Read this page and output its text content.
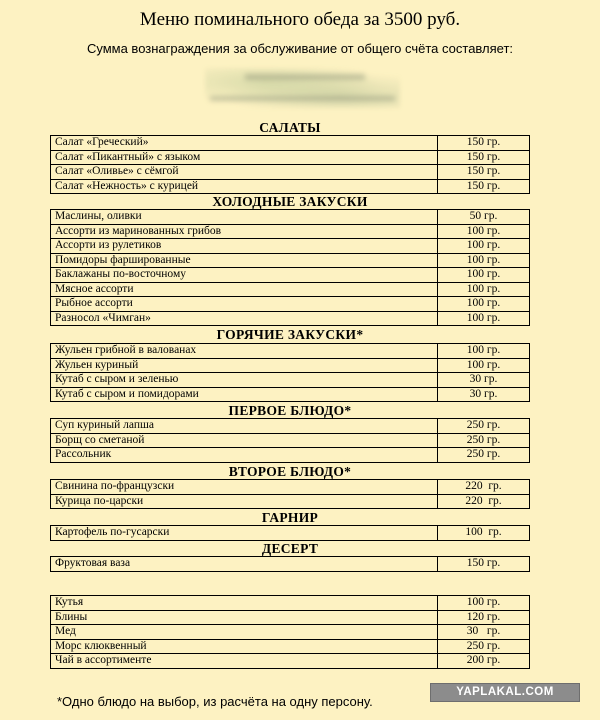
Меню поминального обеда за 3500 руб.
Сумма вознаграждения за обслуживание от общего счёта составляет:
САЛАТЫ
Салат «Греческий»	150 гр.
Салат «Пикантный» с языком	150 гр.
Салат «Оливье» с сёмгой	150 гр.
Салат «Нежность» с курицей	150 гр.
ХОЛОДНЫЕ ЗАКУСКИ
Маслины, оливки	50 гр.
Ассорти из маринованных грибов	100 гр.
Ассорти из рулетиков	100 гр.
Помидоры фаршированные	100 гр.
Баклажаны по-восточному	100 гр.
Мясное ассорти	100 гр.
Рыбное ассорти	100 гр.
Разносол «Чимган»	100 гр.
ГОРЯЧИЕ ЗАКУСКИ*
Жульен грибной в валованах	100 гр.
Жульен куриный	100 гр.
Кутаб с сыром и зеленью	30 гр.
Кутаб с сыром и помидорами	30 гр.
ПЕРВОЕ БЛЮДО*
Суп куриный лапша	250 гр.
Борщ со сметаной	250 гр.
Рассольник	250 гр.
ВТОРОЕ БЛЮДО*
Свинина по-французски	220  гр.
Курица по-царски	220  гр.
ГАРНИР
Картофель по-гусарски	100  гр.
ДЕСЕРТ
Фруктовая ваза	150 гр.
Кутья	100 гр.
Блины	120 гр.
Мед	30   гр.
Морс клюквенный	250 гр.
Чай в ассортименте	200 гр.
*Одно блюдо на выбор, из расчёта на одну персону.
YAPLAKAL.COM
